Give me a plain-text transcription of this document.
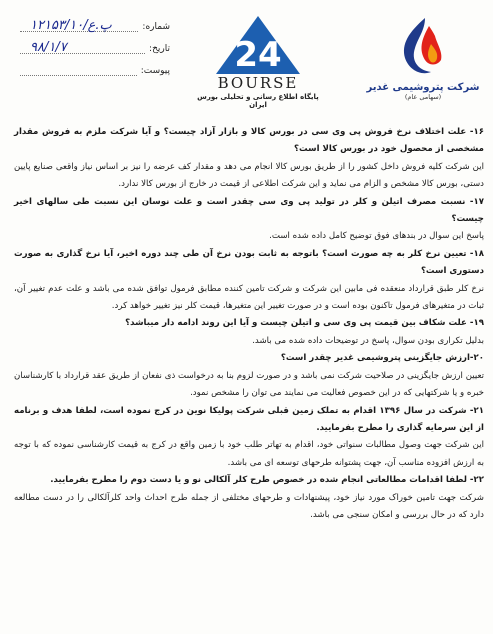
شرکت پتروشیمی غدیر
(سهامی عام)
24
BOURSE
پایگاه اطلاع رسانی و تحلیلی بورس ایران
شماره:
۱۲۱۵۳/۱۰/پ.ع
تاریخ:
۹۸/۱/۷
پیوست:

۱۶- علت اختلاف نرخ فروش پی وی سی در بورس کالا و بازار آزاد چیست؟ و آیا شرکت ملزم به فروش مقدار مشخصی از محصول خود در بورس کالا است؟

این شرکت کلیه فروش داخل کشور را از طریق بورس کالا انجام می دهد و مقدار کف عرضه را نیز بر اساس نیاز واقعی صنایع پایین دستی، بورس کالا مشخص و الزام می نماید و این شرکت اطلاعی از قیمت در خارج از بورس کالا ندارد.

۱۷- نسبت مصرف اتیلن و کلر در تولید پی وی سی چقدر است و علت نوسان این نسبت طی سالهای اخیر چیست؟

پاسخ این سوال در بندهای فوق توضیح کامل داده شده است.

۱۸- تعیین نرخ کلر به چه صورت است؟ باتوجه به ثابت بودن نرخ آن طی چند دوره اخیر، آیا نرخ گذاری به صورت دستوری است؟

نرخ کلر طبق قرارداد منعقده فی مابین این شرکت و شرکت تامین کننده مطابق فرمول توافق شده می باشد و علت عدم تغییر آن، ثبات در متغیرهای فرمول تاکنون بوده است و در صورت تغییر این متغیرها، قیمت کلر نیز تغییر خواهد کرد.

۱۹- علت شکاف بین قیمت پی وی سی و اتیلن چیست و آیا این روند ادامه دار میباشد؟

بدلیل تکراری بودن سوال، پاسخ در توضیحات داده شده می باشد.

۲۰-ارزش جایگزینی پتروشیمی غدیر چقدر است؟

تعیین ارزش جایگزینی در صلاحیت شرکت نمی باشد و در صورت لزوم بنا به درخواست ذی نفعان از طریق عقد قرارداد با کارشناسان خبره و یا شرکتهایی که در این خصوص فعالیت می نمایند می توان را مشخص نمود.

۲۱- شرکت در سال ۱۳۹۶ اقدام به تملک زمین قبلی شرکت پولیکا نوین در کرج نموده است، لطفا هدف و برنامه از این سرمایه گذاری را مطرح بفرمایید.

این شرکت جهت وصول مطالبات سنواتی خود، اقدام به تهاتر طلب خود با زمین واقع در کرج به قیمت کارشناسی نموده که با توجه به ارزش افزوده مناسب آن، جهت پشتوانه طرحهای توسعه ای می باشد.

۲۲- لطفا اقدامات مطالعاتی انجام شده در خصوص طرح کلر آلکالی نو و یا دست دوم را مطرح بفرمایید.

شرکت جهت تامین خوراک مورد نیاز خود، پیشنهادات و طرحهای مختلفی از جمله طرح احداث واحد کلرآلکالی را در دست مطالعه دارد که در حال بررسی و امکان سنجی می باشد.
